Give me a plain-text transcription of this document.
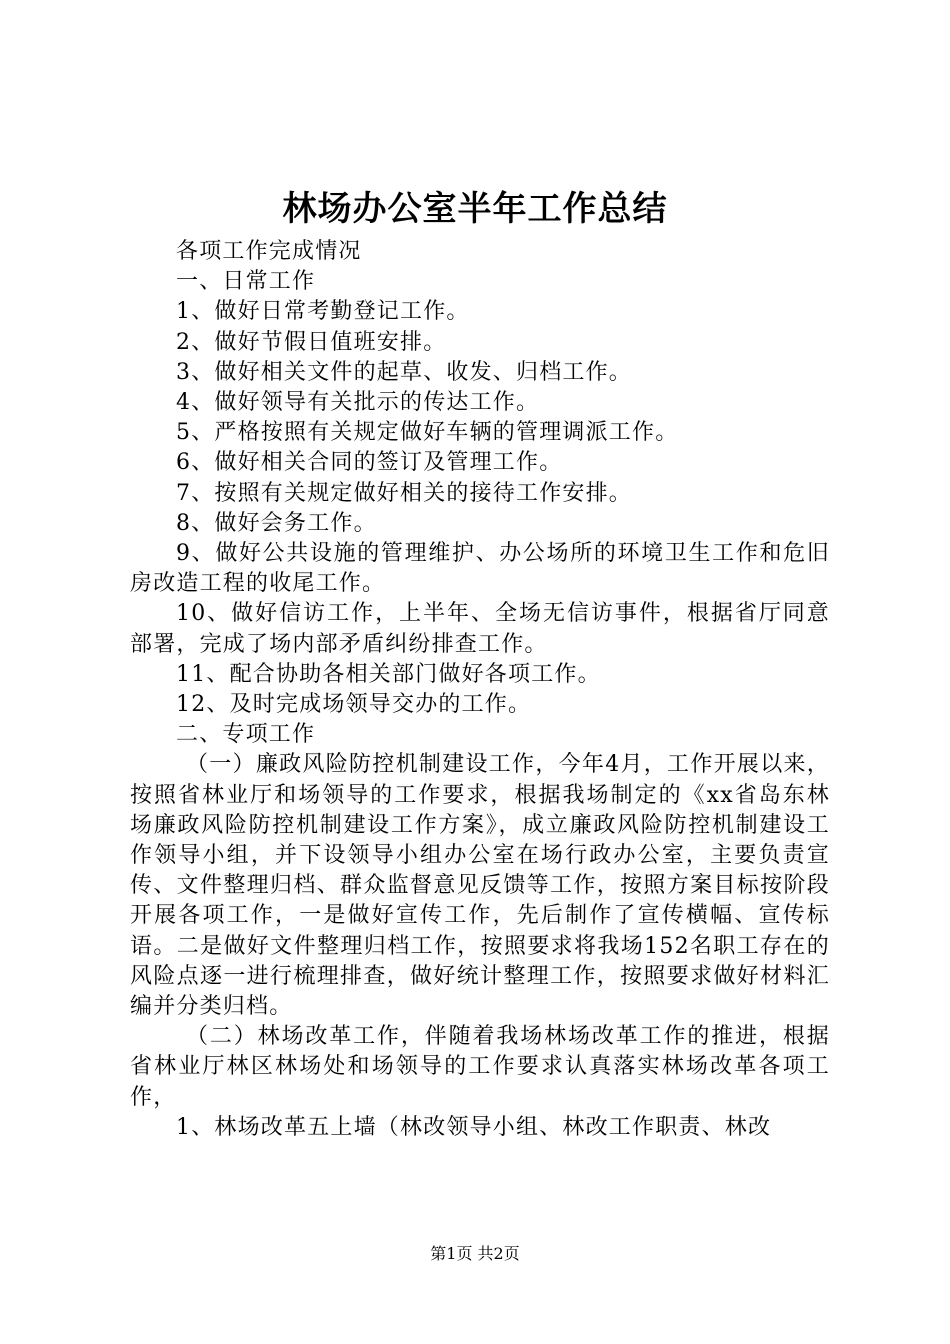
林场办公室半年工作总结

各项工作完成情况

一、日常工作

1、做好日常考勤登记工作。

2、做好节假日值班安排。

3、做好相关文件的起草、收发、归档工作。

4、做好领导有关批示的传达工作。

5、严格按照有关规定做好车辆的管理调派工作。

6、做好相关合同的签订及管理工作。

7、按照有关规定做好相关的接待工作安排。

8、做好会务工作。

9、做好公共设施的管理维护、办公场所的环境卫生工作和危旧房改造工程的收尾工作。

10、做好信访工作，上半年、全场无信访事件，根据省厅同意部署，完成了场内部矛盾纠纷排查工作。

11、配合协助各相关部门做好各项工作。

12、及时完成场领导交办的工作。

二、专项工作

（一）廉政风险防控机制建设工作，今年4月，工作开展以来，按照省林业厅和场领导的工作要求，根据我场制定的《xx省岛东林场廉政风险防控机制建设工作方案》，成立廉政风险防控机制建设工作领导小组，并下设领导小组办公室在场行政办公室，主要负责宣传、文件整理归档、群众监督意见反馈等工作，按照方案目标按阶段开展各项工作，一是做好宣传工作，先后制作了宣传横幅、宣传标语。二是做好文件整理归档工作，按照要求将我场152名职工存在的风险点逐一进行梳理排查，做好统计整理工作，按照要求做好材料汇编并分类归档。

（二）林场改革工作，伴随着我场林场改革工作的推进，根据省林业厅林区林场处和场领导的工作要求认真落实林场改革各项工作，

1、林场改革五上墙（林改领导小组、林改工作职责、林改

第1页 共2页
